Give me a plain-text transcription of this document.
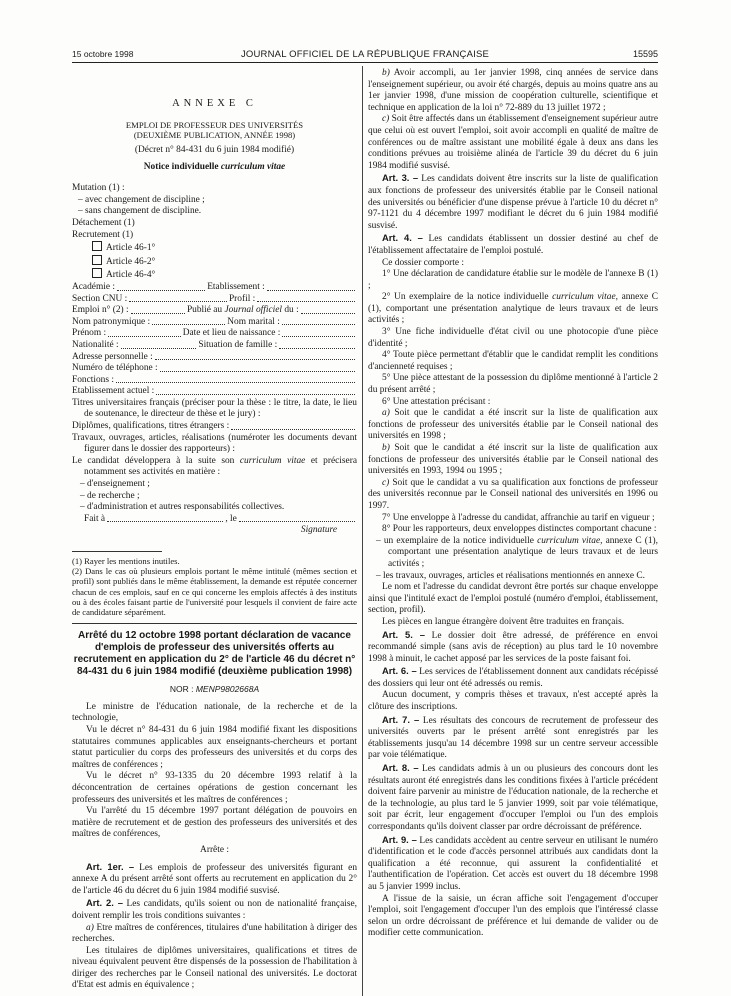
15 octobre 1998	JOURNAL OFFICIEL DE LA RÉPUBLIQUE FRANÇAISE	15595
ANNEXE C

EMPLOI DE PROFESSEUR DES UNIVERSITÉS

(DEUXIÈME PUBLICATION, ANNÉE 1998)

(Décret n° 84-431 du 6 juin 1984 modifié)

Notice individuelle curriculum vitae

Mutation (1) :

– avec changement de discipline ;

– sans changement de discipline.

Détachement (1)

Recrutement (1)

Article 46-1°

Article 46-2°

Article 46-4°

Académie :	Etablissement :
Section CNU :	Profil :
Emploi n° (2) :	Publié au Journal officiel du :
Nom patronymique :	Nom marital :
Prénom :	Date et lieu de naissance :
Nationalité :	Situation de famille :
Adresse personnelle :
Numéro de téléphone :
Fonctions :
Etablissement actuel :

Titres universitaires français (préciser pour la thèse : le titre, la date, le lieu de soutenance, le directeur de thèse et le jury) :

Diplômes, qualifications, titres étrangers :

Travaux, ouvrages, articles, réalisations (numéroter les documents devant figurer dans le dossier des rapporteurs) :

Le candidat développera à la suite son curriculum vitae et précisera notamment ses activités en matière :

– d'enseignement ;

– de recherche ;

– d'administration et autres responsabilités collectives.

Fait à	, le

Signature

(1) Rayer les mentions inutiles.

(2) Dans le cas où plusieurs emplois portant le même intitulé (mêmes section et profil) sont publiés dans le même établissement, la demande est réputée concerner chacun de ces emplois, sauf en ce qui concerne les emplois affectés à des instituts ou à des écoles faisant partie de l'université pour lesquels il convient de faire acte de candidature séparément.

Arrêté du 12 octobre 1998 portant déclaration de vacance d'emplois de professeur des universités offerts au recrutement en application du 2° de l'article 46 du décret n° 84-431 du 6 juin 1984 modifié (deuxième publication 1998)

NOR : MENP9802668A

Le ministre de l'éducation nationale, de la recherche et de la technologie,

Vu le décret n° 84-431 du 6 juin 1984 modifié fixant les dispositions statutaires communes applicables aux enseignants-chercheurs et portant statut particulier du corps des professeurs des universités et du corps des maîtres de conférences ;

Vu le décret n° 93-1335 du 20 décembre 1993 relatif à la déconcentration de certaines opérations de gestion concernant les professeurs des universités et les maîtres de conférences ;

Vu l'arrêté du 15 décembre 1997 portant délégation de pouvoirs en matière de recrutement et de gestion des professeurs des universités et des maîtres de conférences,

Arrête :

Art. 1er. – Les emplois de professeur des universités figurant en annexe A du présent arrêté sont offerts au recrutement en application du 2° de l'article 46 du décret du 6 juin 1984 modifié susvisé.

Art. 2. – Les candidats, qu'ils soient ou non de nationalité française, doivent remplir les trois conditions suivantes :

a) Etre maîtres de conférences, titulaires d'une habilitation à diriger des recherches.

Les titulaires de diplômes universitaires, qualifications et titres de niveau équivalent peuvent être dispensés de la possession de l'habilitation à diriger des recherches par le Conseil national des universités. Le doctorat d'Etat est admis en équivalence ;

b) Avoir accompli, au 1er janvier 1998, cinq années de service dans l'enseignement supérieur, ou avoir été chargés, depuis au moins quatre ans au 1er janvier 1998, d'une mission de coopération culturelle, scientifique et technique en application de la loi n° 72-889 du 13 juillet 1972 ;

c) Soit être affectés dans un établissement d'enseignement supérieur autre que celui où est ouvert l'emploi, soit avoir accompli en qualité de maître de conférences ou de maître assistant une mobilité égale à deux ans dans les conditions prévues au troisième alinéa de l'article 39 du décret du 6 juin 1984 modifié susvisé.

Art. 3. – Les candidats doivent être inscrits sur la liste de qualification aux fonctions de professeur des universités établie par le Conseil national des universités ou bénéficier d'une dispense prévue à l'article 10 du décret n° 97-1121 du 4 décembre 1997 modifiant le décret du 6 juin 1984 modifié susvisé.

Art. 4. – Les candidats établissent un dossier destiné au chef de l'établissement affectataire de l'emploi postulé.

Ce dossier comporte :

1° Une déclaration de candidature établie sur le modèle de l'annexe B (1) ;

2° Un exemplaire de la notice individuelle curriculum vitae, annexe C (1), comportant une présentation analytique de leurs travaux et de leurs activités ;

3° Une fiche individuelle d'état civil ou une photocopie d'une pièce d'identité ;

4° Toute pièce permettant d'établir que le candidat remplit les conditions d'ancienneté requises ;

5° Une pièce attestant de la possession du diplôme mentionné à l'article 2 du présent arrêté ;

6° Une attestation précisant :

a) Soit que le candidat a été inscrit sur la liste de qualification aux fonctions de professeur des universités établie par le Conseil national des universités en 1998 ;

b) Soit que le candidat a été inscrit sur la liste de qualification aux fonctions de professeur des universités établie par le Conseil national des universités en 1993, 1994 ou 1995 ;

c) Soit que le candidat a vu sa qualification aux fonctions de professeur des universités reconnue par le Conseil national des universités en 1996 ou 1997.

7° Une enveloppe à l'adresse du candidat, affranchie au tarif en vigueur ;

8° Pour les rapporteurs, deux enveloppes distinctes comportant chacune :

– un exemplaire de la notice individuelle curriculum vitae, annexe C (1), comportant une présentation analytique de leurs travaux et de leurs activités ;

– les travaux, ouvrages, articles et réalisations mentionnés en annexe C.

Le nom et l'adresse du candidat devront être portés sur chaque enveloppe ainsi que l'intitulé exact de l'emploi postulé (numéro d'emploi, établissement, section, profil).

Les pièces en langue étrangère doivent être traduites en français.

Art. 5. – Le dossier doit être adressé, de préférence en envoi recommandé simple (sans avis de réception) au plus tard le 10 novembre 1998 à minuit, le cachet apposé par les services de la poste faisant foi.

Art. 6. – Les services de l'établissement donnent aux candidats récépissé des dossiers qui leur ont été adressés ou remis.

Aucun document, y compris thèses et travaux, n'est accepté après la clôture des inscriptions.

Art. 7. – Les résultats des concours de recrutement de professeur des universités ouverts par le présent arrêté sont enregistrés par les établissements jusqu'au 14 décembre 1998 sur un centre serveur accessible par voie télématique.

Art. 8. – Les candidats admis à un ou plusieurs des concours dont les résultats auront été enregistrés dans les conditions fixées à l'article précédent doivent faire parvenir au ministre de l'éducation nationale, de la recherche et de la technologie, au plus tard le 5 janvier 1999, soit par voie télématique, soit par écrit, leur engagement d'occuper l'emploi ou l'un des emplois correspondants qu'ils doivent classer par ordre décroissant de préférence.

Art. 9. – Les candidats accèdent au centre serveur en utilisant le numéro d'identification et le code d'accès personnel attribués aux candidats dont la qualification a été reconnue, qui assurent la confidentialité et l'authentification de l'opération. Cet accès est ouvert du 18 décembre 1998 au 5 janvier 1999 inclus.

A l'issue de la saisie, un écran affiche soit l'engagement d'occuper l'emploi, soit l'engagement d'occuper l'un des emplois que l'intéressé classe selon un ordre décroissant de préférence et lui demande de valider ou de modifier cette communication.
